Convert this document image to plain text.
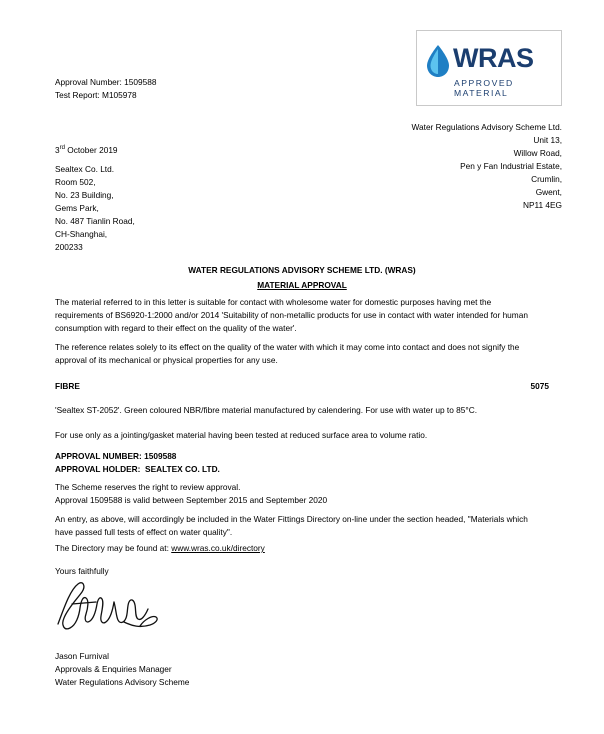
Approval Number: 1509588
Test Report: M105978
WRAS
APPROVED MATERIAL
Water Regulations Advisory Scheme Ltd.
Unit 13,
Willow Road,
Pen y Fan Industrial Estate,
Crumlin,
Gwent,
NP11 4EG
3rd October 2019
Sealtex Co. Ltd.
Room 502,
No. 23 Building,
Gems Park,
No. 487 Tianlin Road,
CH-Shanghai,
200233
WATER REGULATIONS ADVISORY SCHEME LTD. (WRAS)
MATERIAL APPROVAL
The material referred to in this letter is suitable for contact with wholesome water for domestic purposes having met the requirements of BS6920-1:2000 and/or 2014 'Suitability of non-metallic products for use in contact with water intended for human consumption with regard to their effect on the quality of the water'.
The reference relates solely to its effect on the quality of the water with which it may come into contact and does not signify the approval of its mechanical or physical properties for any use.
FIBRE	5075
'Sealtex ST-2052'. Green coloured NBR/fibre material manufactured by calendering. For use with water up to 85°C.
For use only as a jointing/gasket material having been tested at reduced surface area to volume ratio.
APPROVAL NUMBER: 1509588
APPROVAL HOLDER:  SEALTEX CO. LTD.
The Scheme reserves the right to review approval.
Approval 1509588 is valid between September 2015 and September 2020
An entry, as above, will accordingly be included in the Water Fittings Directory on-line under the section headed, "Materials which have passed full tests of effect on water quality".
The Directory may be found at: www.wras.co.uk/directory
Yours faithfully
Jason Furnival
Approvals & Enquiries Manager
Water Regulations Advisory Scheme
